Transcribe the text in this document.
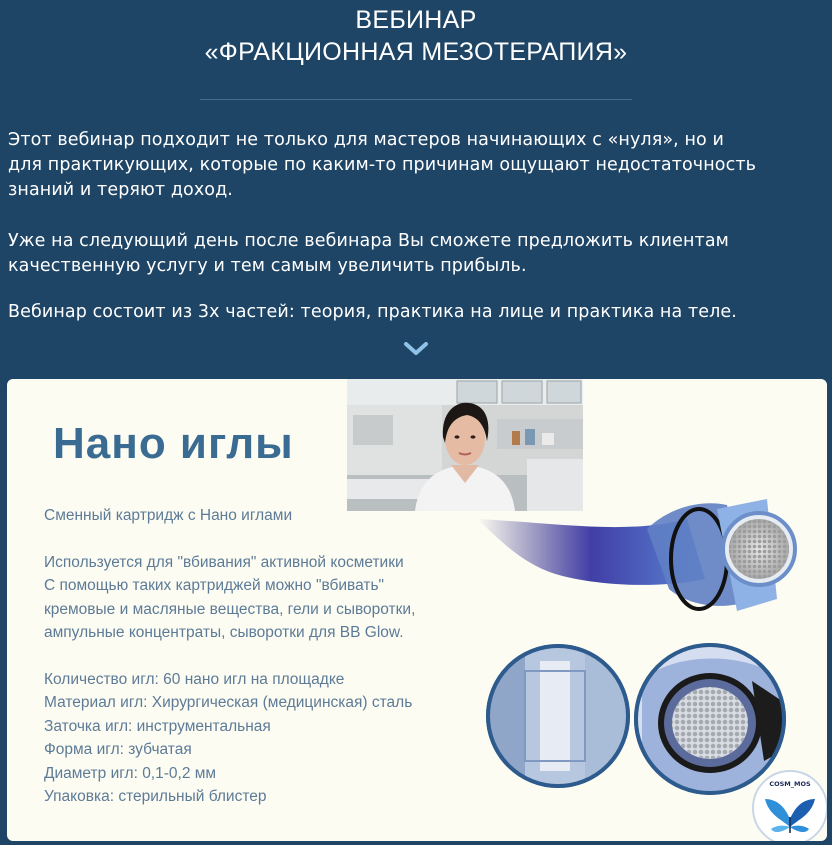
ВЕБИНАР
«ФРАКЦИОННАЯ МЕЗОТЕРАПИЯ»
Этот вебинар подходит не только для мастеров начинающих с «нуля», но и
для практикующих, которые по каким-то причинам ощущают недостаточность
знаний и теряют доход.
Уже на следующий день после вебинара Вы сможете предложить клиентам
качественную услугу и тем самым увеличить прибыль.
Вебинар состоит из 3х частей: теория, практика на лице и практика на теле.
Нано иглы
Сменный картридж с Нано иглами
Используется для "вбивания" активной косметики
С помощью таких картриджей можно "вбивать"
кремовые и масляные вещества, гели и сыворотки,
ампульные концентраты, сыворотки для BB Glow.
Количество игл: 60 нано игл на площадке
Материал игл: Хирургическая (медицинская) сталь
Заточка игл: инструментальная
Форма игл: зубчатая
Диаметр игл: 0,1-0,2 мм
Упаковка: стерильный блистер
COSM_MOS
